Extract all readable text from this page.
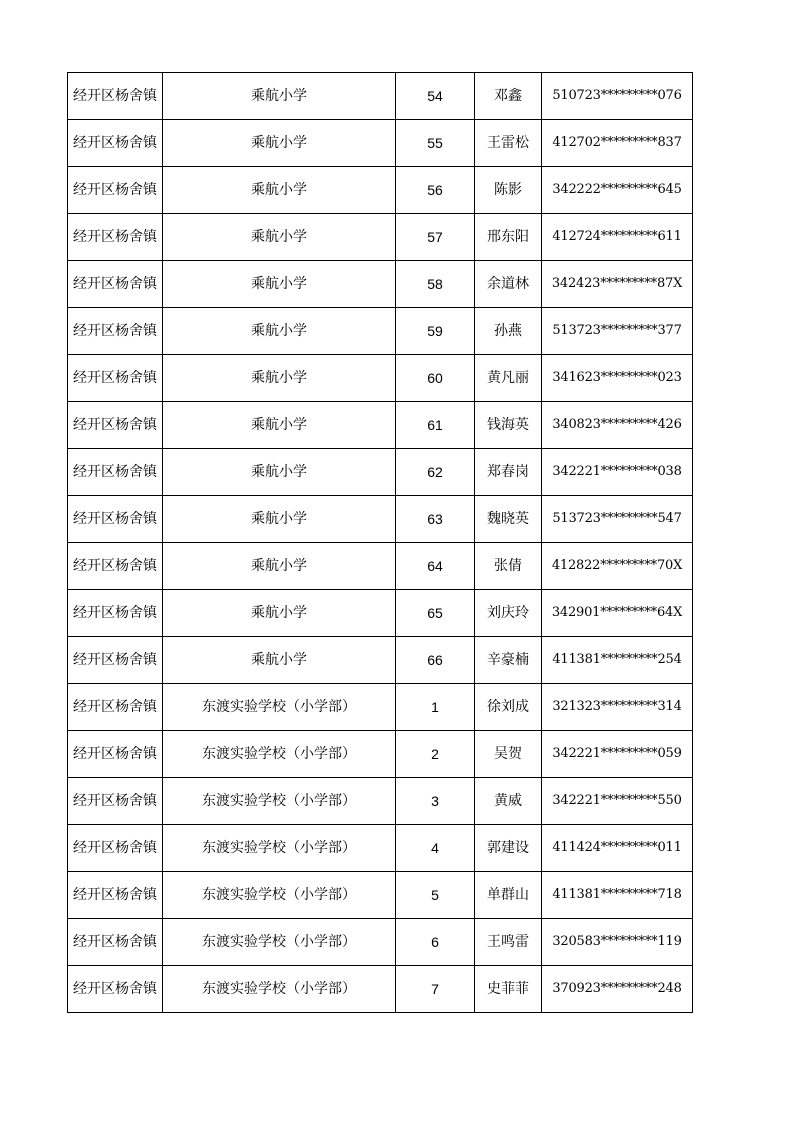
经开区杨舍镇	乘航小学	54	邓鑫	510723*********076
经开区杨舍镇	乘航小学	55	王雷松	412702*********837
经开区杨舍镇	乘航小学	56	陈影	342222*********645
经开区杨舍镇	乘航小学	57	邢东阳	412724*********611
经开区杨舍镇	乘航小学	58	余道林	342423*********87X
经开区杨舍镇	乘航小学	59	孙燕	513723*********377
经开区杨舍镇	乘航小学	60	黄凡丽	341623*********023
经开区杨舍镇	乘航小学	61	钱海英	340823*********426
经开区杨舍镇	乘航小学	62	郑春岗	342221*********038
经开区杨舍镇	乘航小学	63	魏晓英	513723*********547
经开区杨舍镇	乘航小学	64	张倩	412822*********70X
经开区杨舍镇	乘航小学	65	刘庆玲	342901*********64X
经开区杨舍镇	乘航小学	66	辛豪楠	411381*********254
经开区杨舍镇	东渡实验学校（小学部）	1	徐刘成	321323*********314
经开区杨舍镇	东渡实验学校（小学部）	2	吴贺	342221*********059
经开区杨舍镇	东渡实验学校（小学部）	3	黄威	342221*********550
经开区杨舍镇	东渡实验学校（小学部）	4	郭建设	411424*********011
经开区杨舍镇	东渡实验学校（小学部）	5	单群山	411381*********718
经开区杨舍镇	东渡实验学校（小学部）	6	王鸣雷	320583*********119
经开区杨舍镇	东渡实验学校（小学部）	7	史菲菲	370923*********248
